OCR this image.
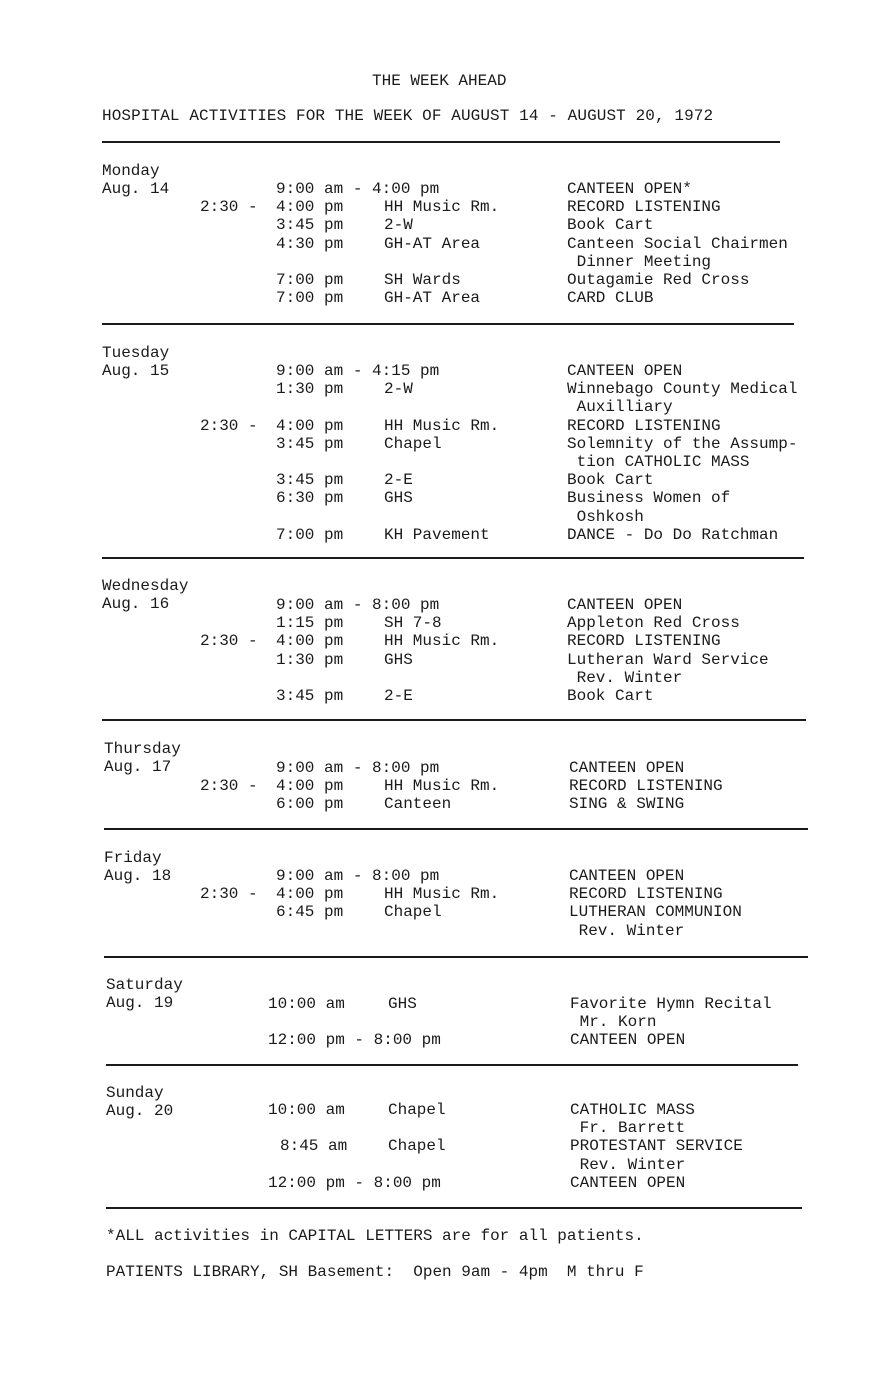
THE WEEK AHEAD
HOSPITAL ACTIVITIES FOR THE WEEK OF AUGUST 14 - AUGUST 20, 1972
Monday
Aug. 14	9:00 am - 4:00 pm	CANTEEN OPEN*
2:30 - 4:00 pm	HH Music Rm.	RECORD LISTENING
3:45 pm	2-W	Book Cart
4:30 pm	GH-AT Area	Canteen Social Chairmen
Dinner Meeting
7:00 pm	SH Wards	Outagamie Red Cross
7:00 pm	GH-AT Area	CARD CLUB
Tuesday
Aug. 15	9:00 am - 4:15 pm	CANTEEN OPEN
1:30 pm	2-W	Winnebago County Medical
Auxilliary
2:30 - 4:00 pm	HH Music Rm.	RECORD LISTENING
3:45 pm	Chapel	Solemnity of the Assump-
tion CATHOLIC MASS
3:45 pm	2-E	Book Cart
6:30 pm	GHS	Business Women of
Oshkosh
7:00 pm	KH Pavement	DANCE - Do Do Ratchman
Wednesday
Aug. 16	9:00 am - 8:00 pm	CANTEEN OPEN
1:15 pm	SH 7-8	Appleton Red Cross
2:30 - 4:00 pm	HH Music Rm.	RECORD LISTENING
1:30 pm	GHS	Lutheran Ward Service
Rev. Winter
3:45 pm	2-E	Book Cart
Thursday
Aug. 17	9:00 am - 8:00 pm	CANTEEN OPEN
2:30 - 4:00 pm	HH Music Rm.	RECORD LISTENING
6:00 pm	Canteen	SING & SWING
Friday
Aug. 18	9:00 am - 8:00 pm	CANTEEN OPEN
2:30 - 4:00 pm	HH Music Rm.	RECORD LISTENING
6:45 pm	Chapel	LUTHERAN COMMUNION
Rev. Winter
Saturday
Aug. 19	10:00 am	GHS	Favorite Hymn Recital
Mr. Korn
12:00 pm - 8:00 pm	CANTEEN OPEN
Sunday
Aug. 20	10:00 am	Chapel	CATHOLIC MASS
Fr. Barrett
8:45 am	Chapel	PROTESTANT SERVICE
Rev. Winter
12:00 pm - 8:00 pm	CANTEEN OPEN
*ALL activities in CAPITAL LETTERS are for all patients.
PATIENTS LIBRARY, SH Basement:  Open 9am - 4pm  M thru F
